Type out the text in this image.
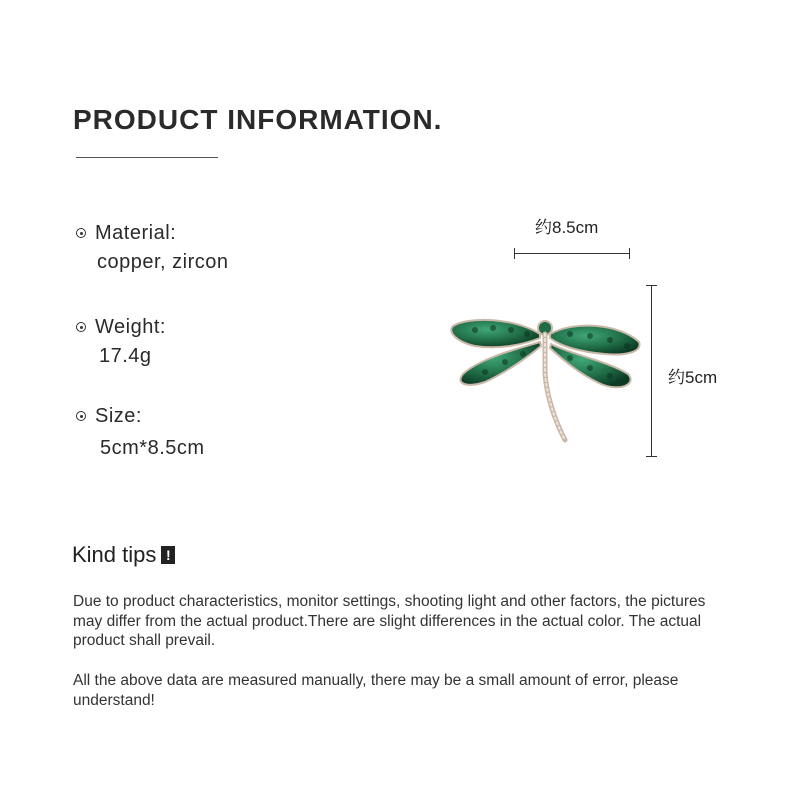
PRODUCT INFORMATION.
Material:
copper, zircon
Weight:
17.4g
Size:
5cm*8.5cm
约8.5cm
约5cm
Kind tips !
Due to product characteristics, monitor settings, shooting light and other factors, the pictures may differ from the actual product.There are slight differences in the actual color. The actual product shall prevail.
All the above data are measured manually, there may be a small amount of error, please understand!
